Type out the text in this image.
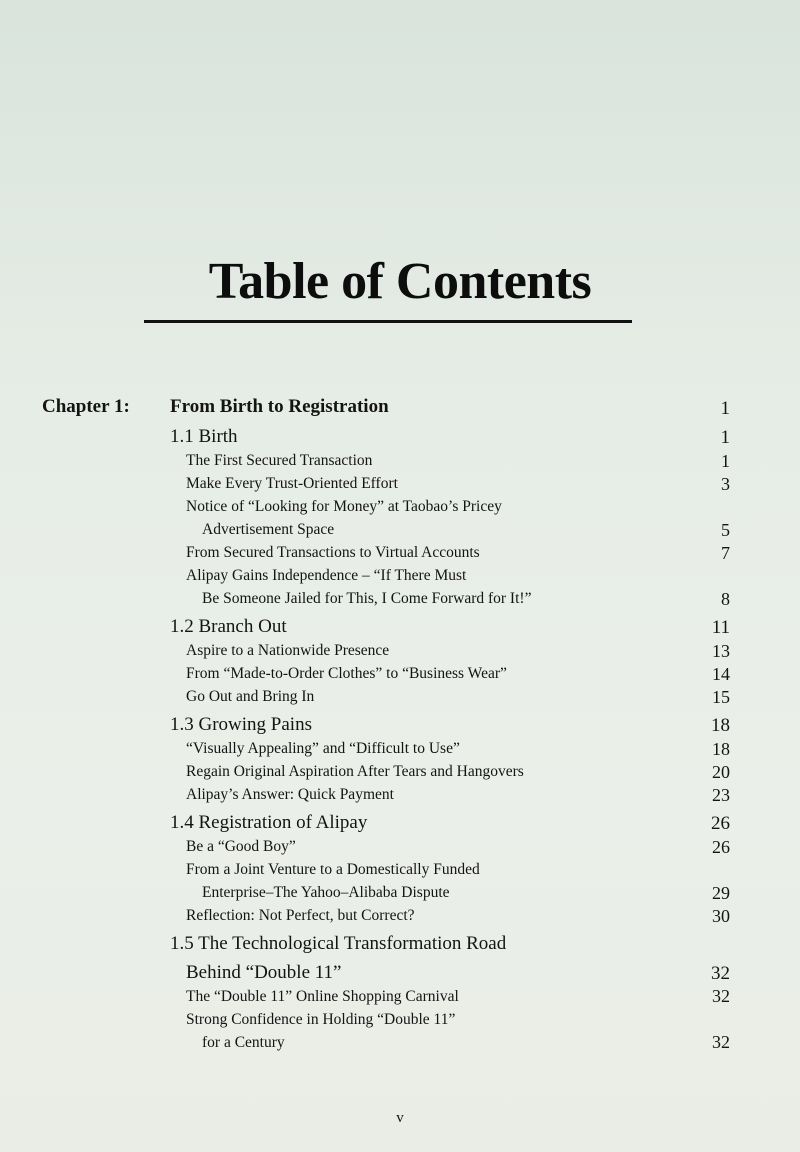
Table of Contents
Chapter 1: From Birth to Registration	1
1.1 Birth	1
The First Secured Transaction	1
Make Every Trust-Oriented Effort	3
Notice of “Looking for Money” at Taobao’s Pricey
Advertisement Space	5
From Secured Transactions to Virtual Accounts	7
Alipay Gains Independence – “If There Must
Be Someone Jailed for This, I Come Forward for It!”	8
1.2 Branch Out	11
Aspire to a Nationwide Presence	13
From “Made-to-Order Clothes” to “Business Wear”	14
Go Out and Bring In	15
1.3 Growing Pains	18
“Visually Appealing” and “Difficult to Use”	18
Regain Original Aspiration After Tears and Hangovers	20
Alipay’s Answer: Quick Payment	23
1.4 Registration of Alipay	26
Be a “Good Boy”	26
From a Joint Venture to a Domestically Funded
Enterprise–The Yahoo–Alibaba Dispute	29
Reflection: Not Perfect, but Correct?	30
1.5 The Technological Transformation Road
Behind “Double 11”	32
The “Double 11” Online Shopping Carnival	32
Strong Confidence in Holding “Double 11”
for a Century	32
v
